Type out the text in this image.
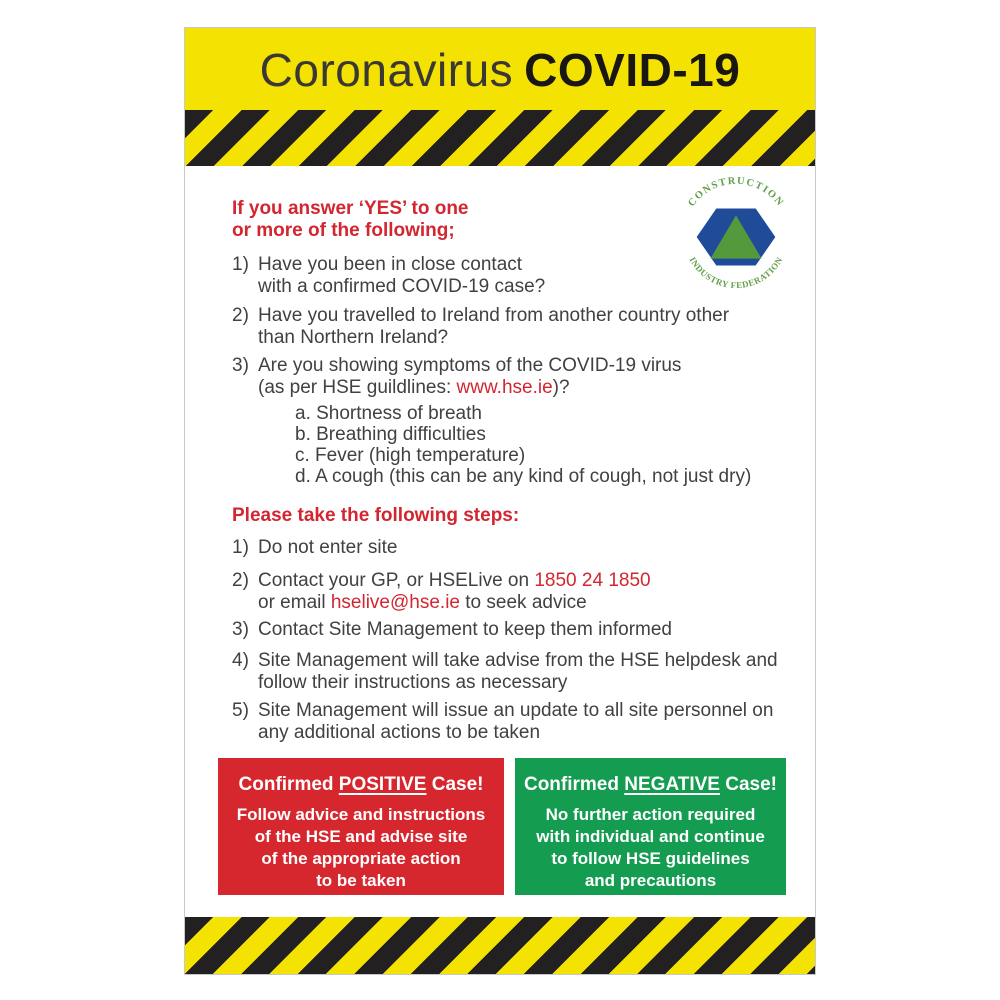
Coronavirus COVID-19
If you answer ‘YES’ to one
or more of the following;
CONSTRUCTION
INDUSTRY FEDERATION
1) Have you been in close contact
with a confirmed COVID-19 case?
2) Have you travelled to Ireland from another country other
than Northern Ireland?
3) Are you showing symptoms of the COVID-19 virus
(as per HSE guildlines: www.hse.ie)?
a. Shortness of breath
b. Breathing difficulties
c. Fever (high temperature)
d. A cough (this can be any kind of cough, not just dry)
Please take the following steps:
1) Do not enter site
2) Contact your GP, or HSELive on 1850 24 1850
or email hselive@hse.ie to seek advice
3) Contact Site Management to keep them informed
4) Site Management will take advise from the HSE helpdesk and
follow their instructions as necessary
5) Site Management will issue an update to all site personnel on
any additional actions to be taken
Confirmed POSITIVE Case!
Follow advice and instructions
of the HSE and advise site
of the appropriate action
to be taken
Confirmed NEGATIVE Case!
No further action required
with individual and continue
to follow HSE guidelines
and precautions
